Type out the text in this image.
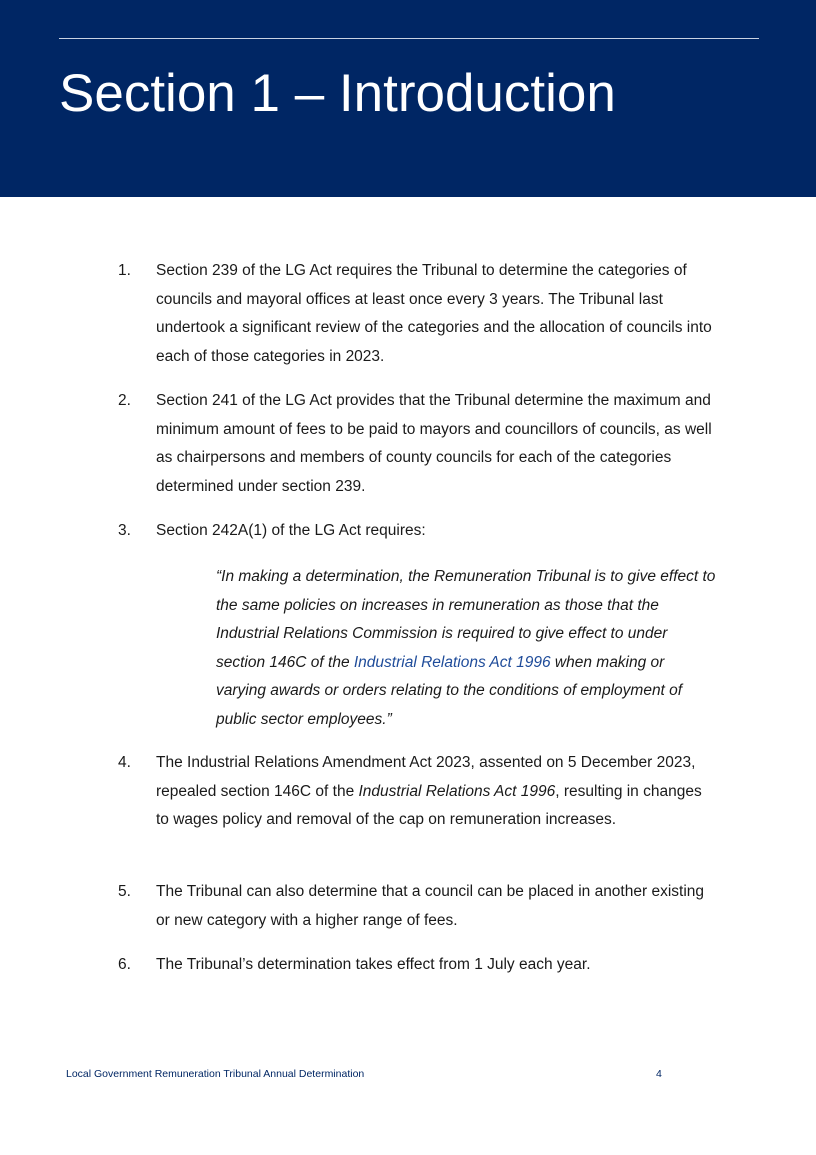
Section 1 – Introduction
1. Section 239 of the LG Act requires the Tribunal to determine the categories of councils and mayoral offices at least once every 3 years. The Tribunal last undertook a significant review of the categories and the allocation of councils into each of those categories in 2023.
2. Section 241 of the LG Act provides that the Tribunal determine the maximum and minimum amount of fees to be paid to mayors and councillors of councils, as well as chairpersons and members of county councils for each of the categories determined under section 239.
3. Section 242A(1) of the LG Act requires:
“In making a determination, the Remuneration Tribunal is to give effect to the same policies on increases in remuneration as those that the Industrial Relations Commission is required to give effect to under section 146C of the Industrial Relations Act 1996 when making or varying awards or orders relating to the conditions of employment of public sector employees.”
4. The Industrial Relations Amendment Act 2023, assented on 5 December 2023, repealed section 146C of the Industrial Relations Act 1996, resulting in changes to wages policy and removal of the cap on remuneration increases.
5. The Tribunal can also determine that a council can be placed in another existing or new category with a higher range of fees.
6. The Tribunal’s determination takes effect from 1 July each year.
Local Government Remuneration Tribunal Annual Determination	4
